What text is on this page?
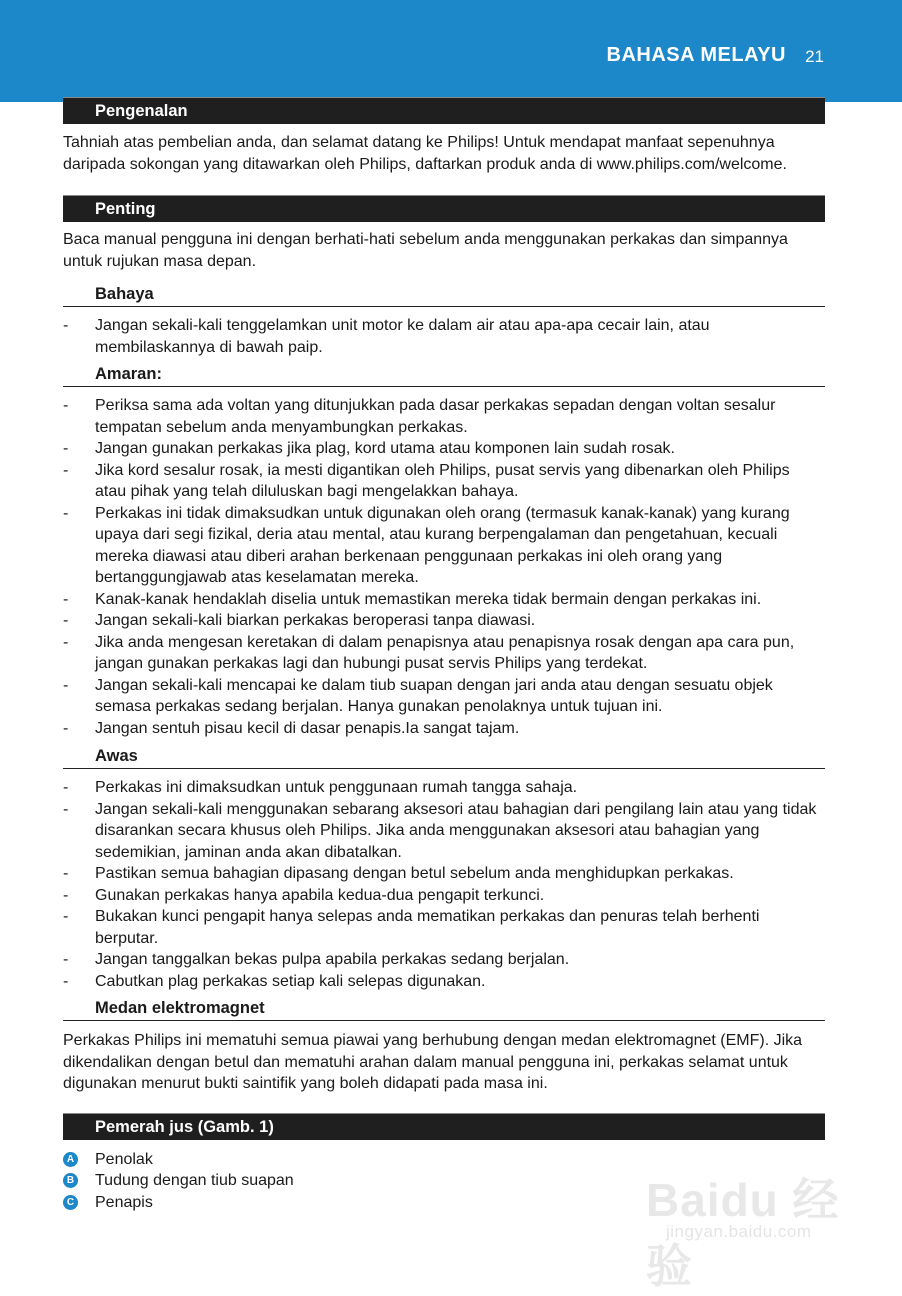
BAHASA MELAYU 21
Pengenalan

Tahniah atas pembelian anda, dan selamat datang ke Philips! Untuk mendapat manfaat sepenuhnya daripada sokongan yang ditawarkan oleh Philips, daftarkan produk anda di www.philips.com/welcome.

Penting

Baca manual pengguna ini dengan berhati-hati sebelum anda menggunakan perkakas dan simpannya untuk rujukan masa depan.

Bahaya
- Jangan sekali-kali tenggelamkan unit motor ke dalam air atau apa-apa cecair lain, atau membilaskannya di bawah paip.
Amaran:
- Periksa sama ada voltan yang ditunjukkan pada dasar perkakas sepadan dengan voltan sesalur tempatan sebelum anda menyambungkan perkakas.
- Jangan gunakan perkakas jika plag, kord utama atau komponen lain sudah rosak.
- Jika kord sesalur rosak, ia mesti digantikan oleh Philips, pusat servis yang dibenarkan oleh Philips atau pihak yang telah diluluskan bagi mengelakkan bahaya.
- Perkakas ini tidak dimaksudkan untuk digunakan oleh orang (termasuk kanak-kanak) yang kurang upaya dari segi fizikal, deria atau mental, atau kurang berpengalaman dan pengetahuan, kecuali mereka diawasi atau diberi arahan berkenaan penggunaan perkakas ini oleh orang yang bertanggungjawab atas keselamatan mereka.
- Kanak-kanak hendaklah diselia untuk memastikan mereka tidak bermain dengan perkakas ini.
- Jangan sekali-kali biarkan perkakas beroperasi tanpa diawasi.
- Jika anda mengesan keretakan di dalam penapisnya atau penapisnya rosak dengan apa cara pun, jangan gunakan perkakas lagi dan hubungi pusat servis Philips yang terdekat.
- Jangan sekali-kali mencapai ke dalam tiub suapan dengan jari anda atau dengan sesuatu objek semasa perkakas sedang berjalan. Hanya gunakan penolaknya untuk tujuan ini.
- Jangan sentuh pisau kecil di dasar penapis.Ia sangat tajam.
Awas
- Perkakas ini dimaksudkan untuk penggunaan rumah tangga sahaja.
- Jangan sekali-kali menggunakan sebarang aksesori atau bahagian dari pengilang lain atau yang tidak disarankan secara khusus oleh Philips. Jika anda menggunakan aksesori atau bahagian yang sedemikian, jaminan anda akan dibatalkan.
- Pastikan semua bahagian dipasang dengan betul sebelum anda menghidupkan perkakas.
- Gunakan perkakas hanya apabila kedua-dua pengapit terkunci.
- Bukakan kunci pengapit hanya selepas anda mematikan perkakas dan penuras telah berhenti berputar.
- Jangan tanggalkan bekas pulpa apabila perkakas sedang berjalan.
- Cabutkan plag perkakas setiap kali selepas digunakan.
Medan elektromagnet

Perkakas Philips ini mematuhi semua piawai yang berhubung dengan medan elektromagnet (EMF). Jika dikendalikan dengan betul dan mematuhi arahan dalam manual pengguna ini, perkakas selamat untuk digunakan menurut bukti saintifik yang boleh didapati pada masa ini.

Pemerah jus (Gamb. 1)
A Penolak
B Tudung dengan tiub suapan
C Penapis	Baidu 经验
jingyan.baidu.com
